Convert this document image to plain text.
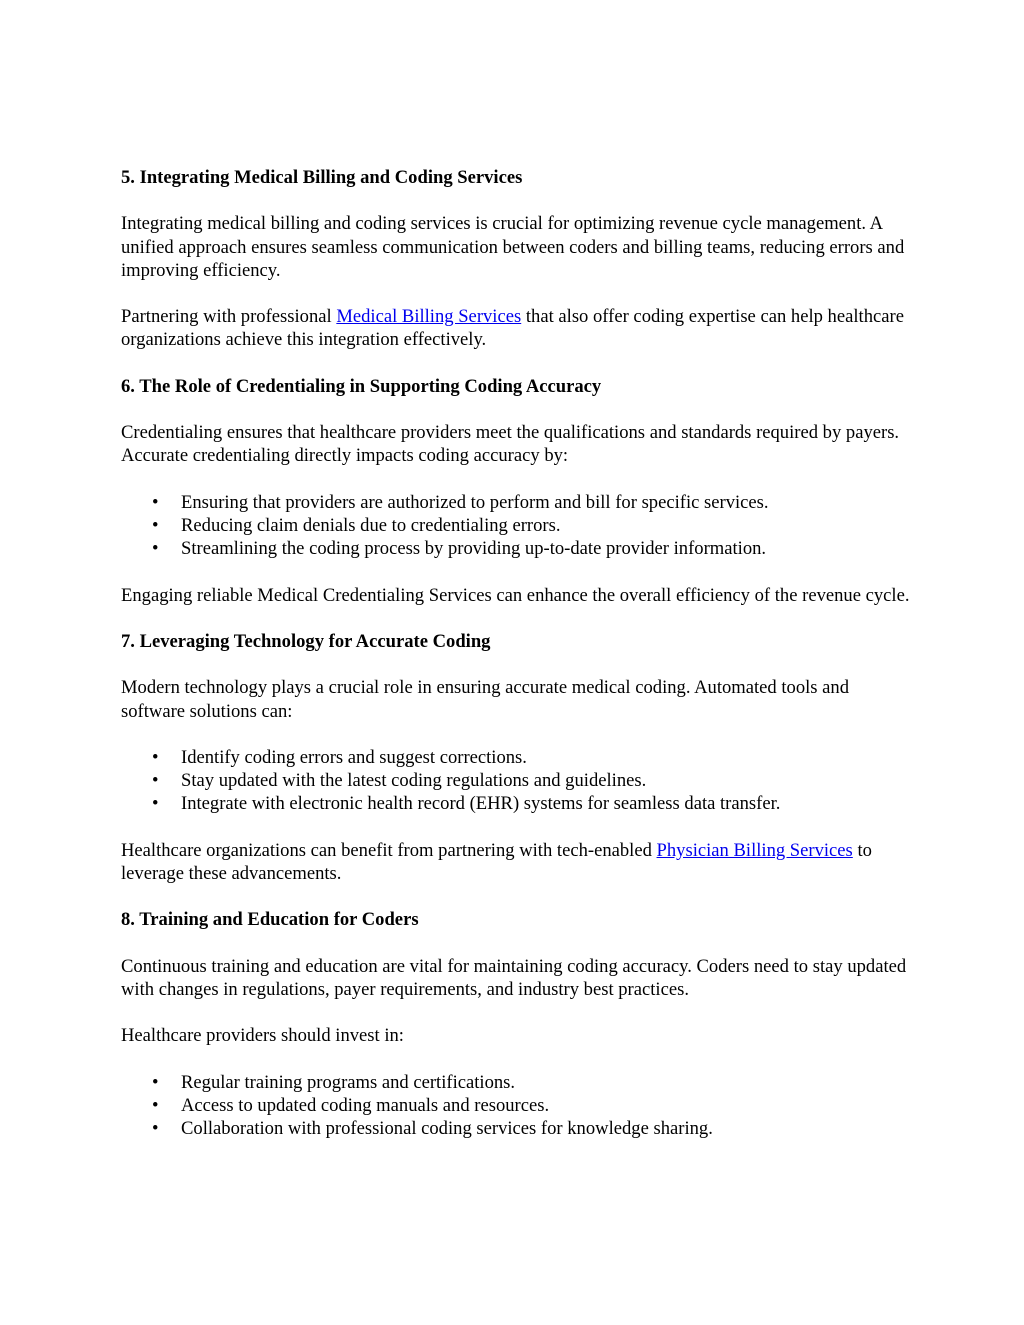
5. Integrating Medical Billing and Coding Services
Integrating medical billing and coding services is crucial for optimizing revenue cycle management. A unified approach ensures seamless communication between coders and billing teams, reducing errors and improving efficiency.
Partnering with professional Medical Billing Services that also offer coding expertise can help healthcare organizations achieve this integration effectively.
6. The Role of Credentialing in Supporting Coding Accuracy
Credentialing ensures that healthcare providers meet the qualifications and standards required by payers. Accurate credentialing directly impacts coding accuracy by:
• Ensuring that providers are authorized to perform and bill for specific services.
• Reducing claim denials due to credentialing errors.
• Streamlining the coding process by providing up-to-date provider information.
Engaging reliable Medical Credentialing Services can enhance the overall efficiency of the revenue cycle.
7. Leveraging Technology for Accurate Coding
Modern technology plays a crucial role in ensuring accurate medical coding. Automated tools and software solutions can:
• Identify coding errors and suggest corrections.
• Stay updated with the latest coding regulations and guidelines.
• Integrate with electronic health record (EHR) systems for seamless data transfer.
Healthcare organizations can benefit from partnering with tech-enabled Physician Billing Services to leverage these advancements.
8. Training and Education for Coders
Continuous training and education are vital for maintaining coding accuracy. Coders need to stay updated with changes in regulations, payer requirements, and industry best practices.
Healthcare providers should invest in:
• Regular training programs and certifications.
• Access to updated coding manuals and resources.
• Collaboration with professional coding services for knowledge sharing.
